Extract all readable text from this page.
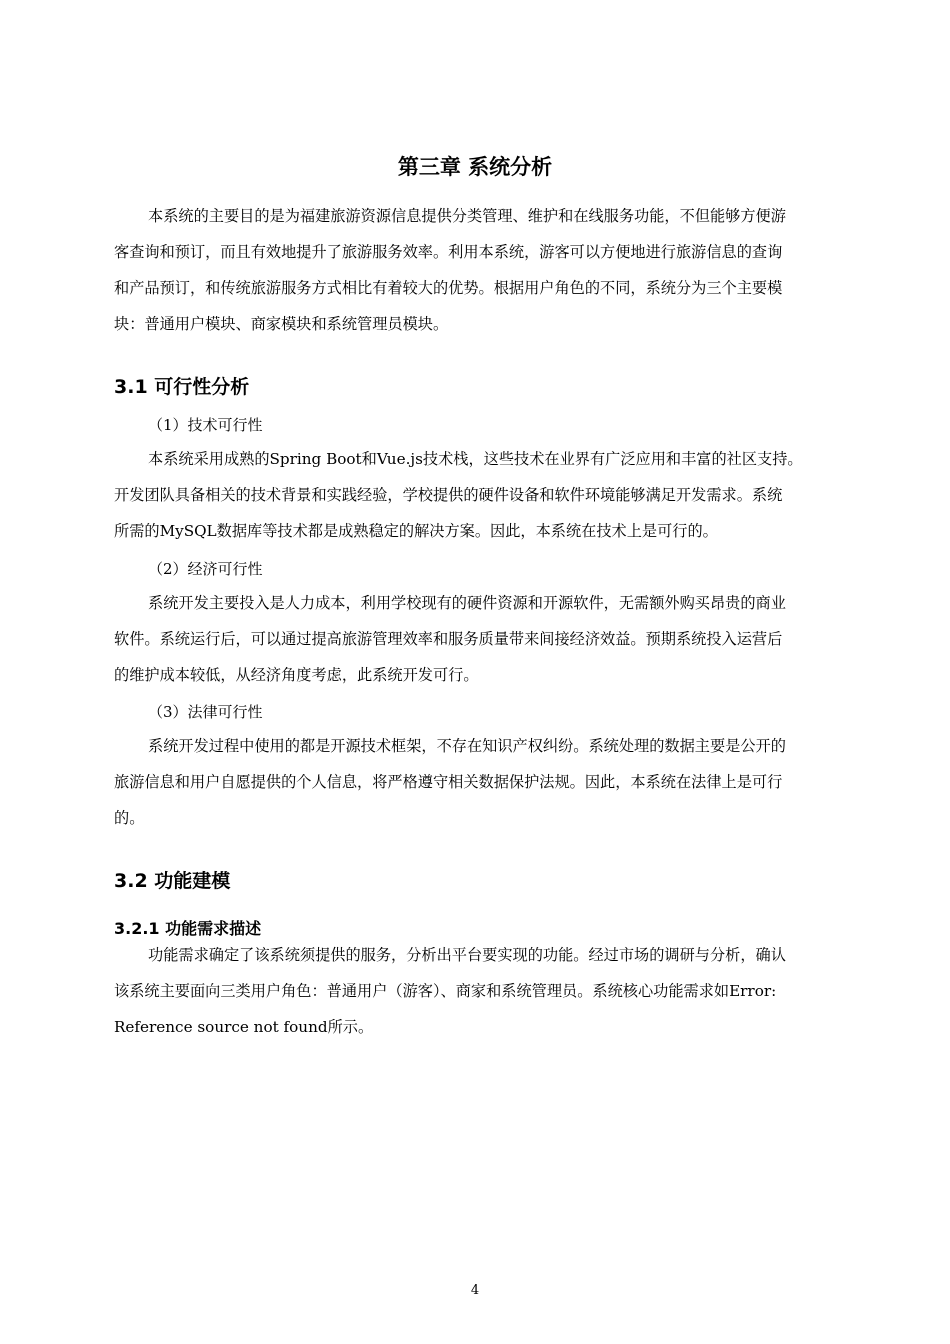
第三章 系统分析
本系统的主要目的是为福建旅游资源信息提供分类管理、维护和在线服务功能，不但能够方便游
客查询和预订，而且有效地提升了旅游服务效率。利用本系统，游客可以方便地进行旅游信息的查询
和产品预订，和传统旅游服务方式相比有着较大的优势。根据用户角色的不同，系统分为三个主要模
块：普通用户模块、商家模块和系统管理员模块。
3.1 可行性分析
（1）技术可行性
本系统采用成熟的Spring Boot和Vue.js技术栈，这些技术在业界有广泛应用和丰富的社区支持。
开发团队具备相关的技术背景和实践经验，学校提供的硬件设备和软件环境能够满足开发需求。系统
所需的MySQL数据库等技术都是成熟稳定的解决方案。因此，本系统在技术上是可行的。
（2）经济可行性
系统开发主要投入是人力成本，利用学校现有的硬件资源和开源软件，无需额外购买昂贵的商业
软件。系统运行后，可以通过提高旅游管理效率和服务质量带来间接经济效益。预期系统投入运营后
的维护成本较低，从经济角度考虑，此系统开发可行。
（3）法律可行性
系统开发过程中使用的都是开源技术框架，不存在知识产权纠纷。系统处理的数据主要是公开的
旅游信息和用户自愿提供的个人信息，将严格遵守相关数据保护法规。因此，本系统在法律上是可行
的。
3.2 功能建模
3.2.1 功能需求描述
功能需求确定了该系统须提供的服务，分析出平台要实现的功能。经过市场的调研与分析，确认
该系统主要面向三类用户角色：普通用户（游客）、商家和系统管理员。系统核心功能需求如Error:
Reference source not found所示。
4
